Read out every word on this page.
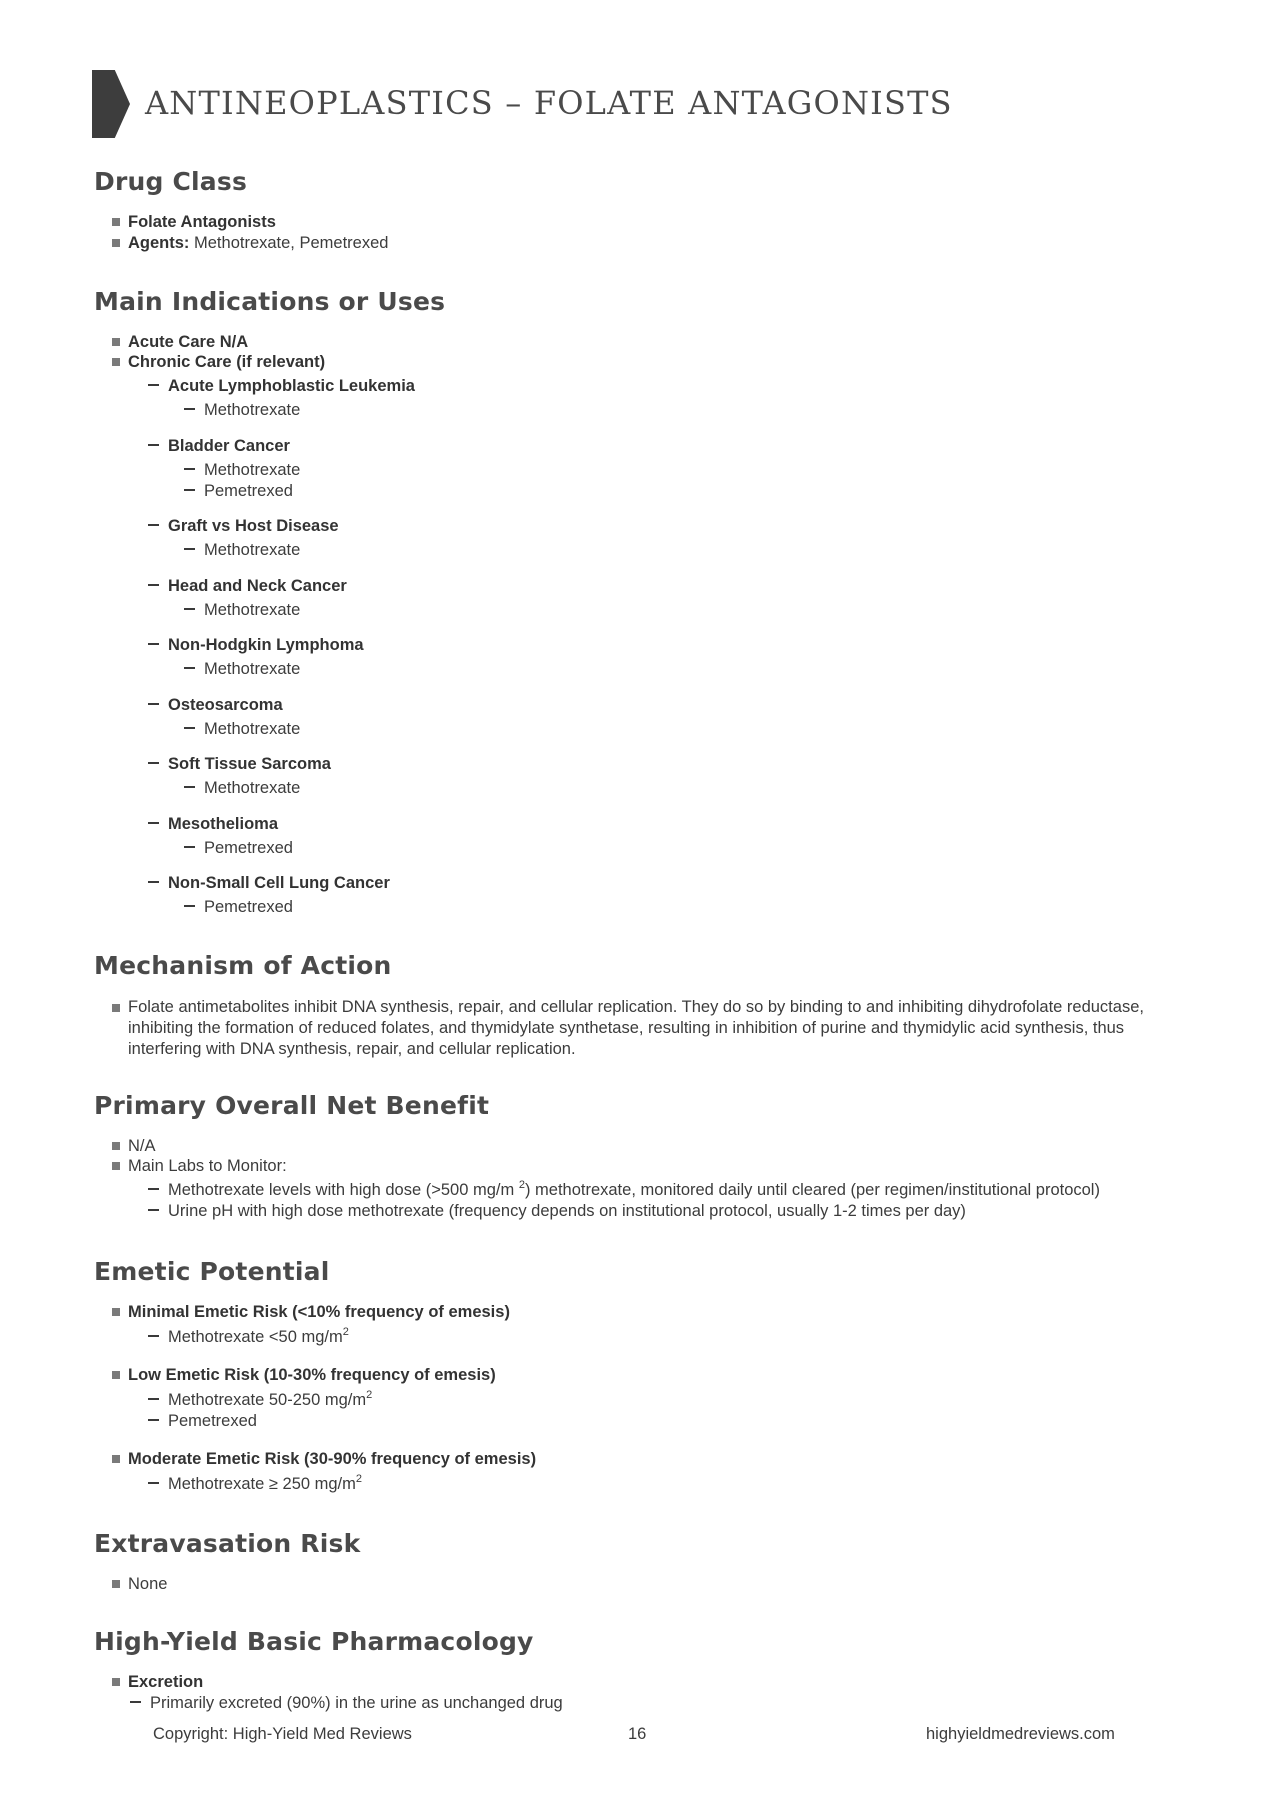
ANTINEOPLASTICS – FOLATE ANTAGONISTS
Drug Class
Folate Antagonists
Agents: Methotrexate, Pemetrexed
Main Indications or Uses
Acute Care N/A
Chronic Care (if relevant)
Acute Lymphoblastic Leukemia
Methotrexate
Bladder Cancer
Methotrexate
Pemetrexed
Graft vs Host Disease
Methotrexate
Head and Neck Cancer
Methotrexate
Non-Hodgkin Lymphoma
Methotrexate
Osteosarcoma
Methotrexate
Soft Tissue Sarcoma
Methotrexate
Mesothelioma
Pemetrexed
Non-Small Cell Lung Cancer
Pemetrexed
Mechanism of Action
Folate antimetabolites inhibit DNA synthesis, repair, and cellular replication. They do so by binding to and inhibiting dihydrofolate reductase, inhibiting the formation of reduced folates, and thymidylate synthetase, resulting in inhibition of purine and thymidylic acid synthesis, thus interfering with DNA synthesis, repair, and cellular replication.
Primary Overall Net Benefit
N/A
Main Labs to Monitor:
Methotrexate levels with high dose (>500 mg/m $^2$) methotrexate, monitored daily until cleared (per regimen/institutional protocol)
Urine pH with high dose methotrexate (frequency depends on institutional protocol, usually 1-2 times per day)
Emetic Potential
Minimal Emetic Risk (<10% frequency of emesis)
Methotrexate <50 $mg/m^2$
Low Emetic Risk (10-30% frequency of emesis)
Methotrexate 50-250 $mg/m^2$
Pemetrexed
Moderate Emetic Risk (30-90% frequency of emesis)
Methotrexate ≥ 250 $mg/m^2$
Extravasation Risk
None
High-Yield Basic Pharmacology
Excretion
Primarily excreted (90%) in the urine as unchanged drug
Copyright: High-Yield Med Reviews	16	highyieldmedreviews.com
